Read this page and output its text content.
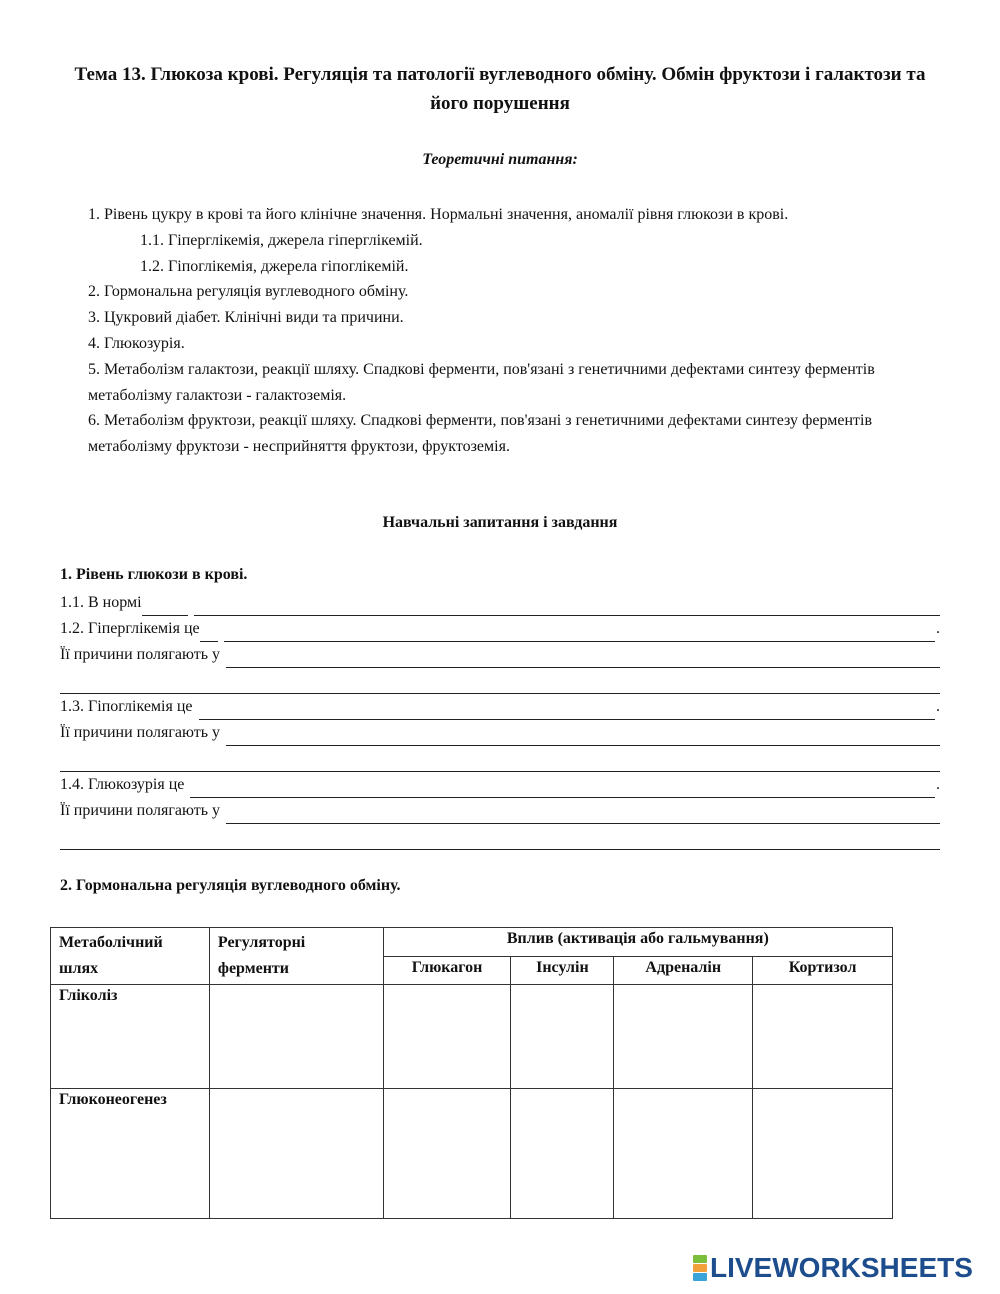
Тема 13. Глюкоза крові. Регуляція та патології вуглеводного обміну. Обмін фруктози і галактози та його порушення
Теоретичні питання:
1. Рівень цукру в крові та його клінічне значення. Нормальні значення, аномалії рівня глюкози в крові.
1.1. Гіперглікемія, джерела гіперглікемій.
1.2. Гіпоглікемія, джерела гіпоглікемій.
2. Гормональна регуляція вуглеводного обміну.
3. Цукровий діабет. Клінічні види та причини.
4. Глюкозурія.
5. Метаболізм галактози, реакції шляху. Спадкові ферменти, пов'язані з генетичними дефектами синтезу ферментів метаболізму галактози - галактоземія.
6. Метаболізм фруктози, реакції шляху. Спадкові ферменти, пов'язані з генетичними дефектами синтезу ферментів метаболізму фруктози - несприйняття фруктози, фруктоземія.
Навчальні запитання і завдання
1. Рівень глюкози в крові.
1.1. В нормі
1.2. Гіперглікемія це	.
Її причини полягають у
1.3. Гіпоглікемія це	.
Її причини полягають у
1.4. Глюкозурія це	.
Її причини полягають у
2. Гормональна регуляція вуглеводного обміну.
Метаболічний шлях	Регуляторні ферменти	Вплив (активація або гальмування)			
		Глюкагон	Інсулін	Адреналін	Кортизол
Гліколіз					
Глюконеогенез					
LIVEWORKSHEETS
